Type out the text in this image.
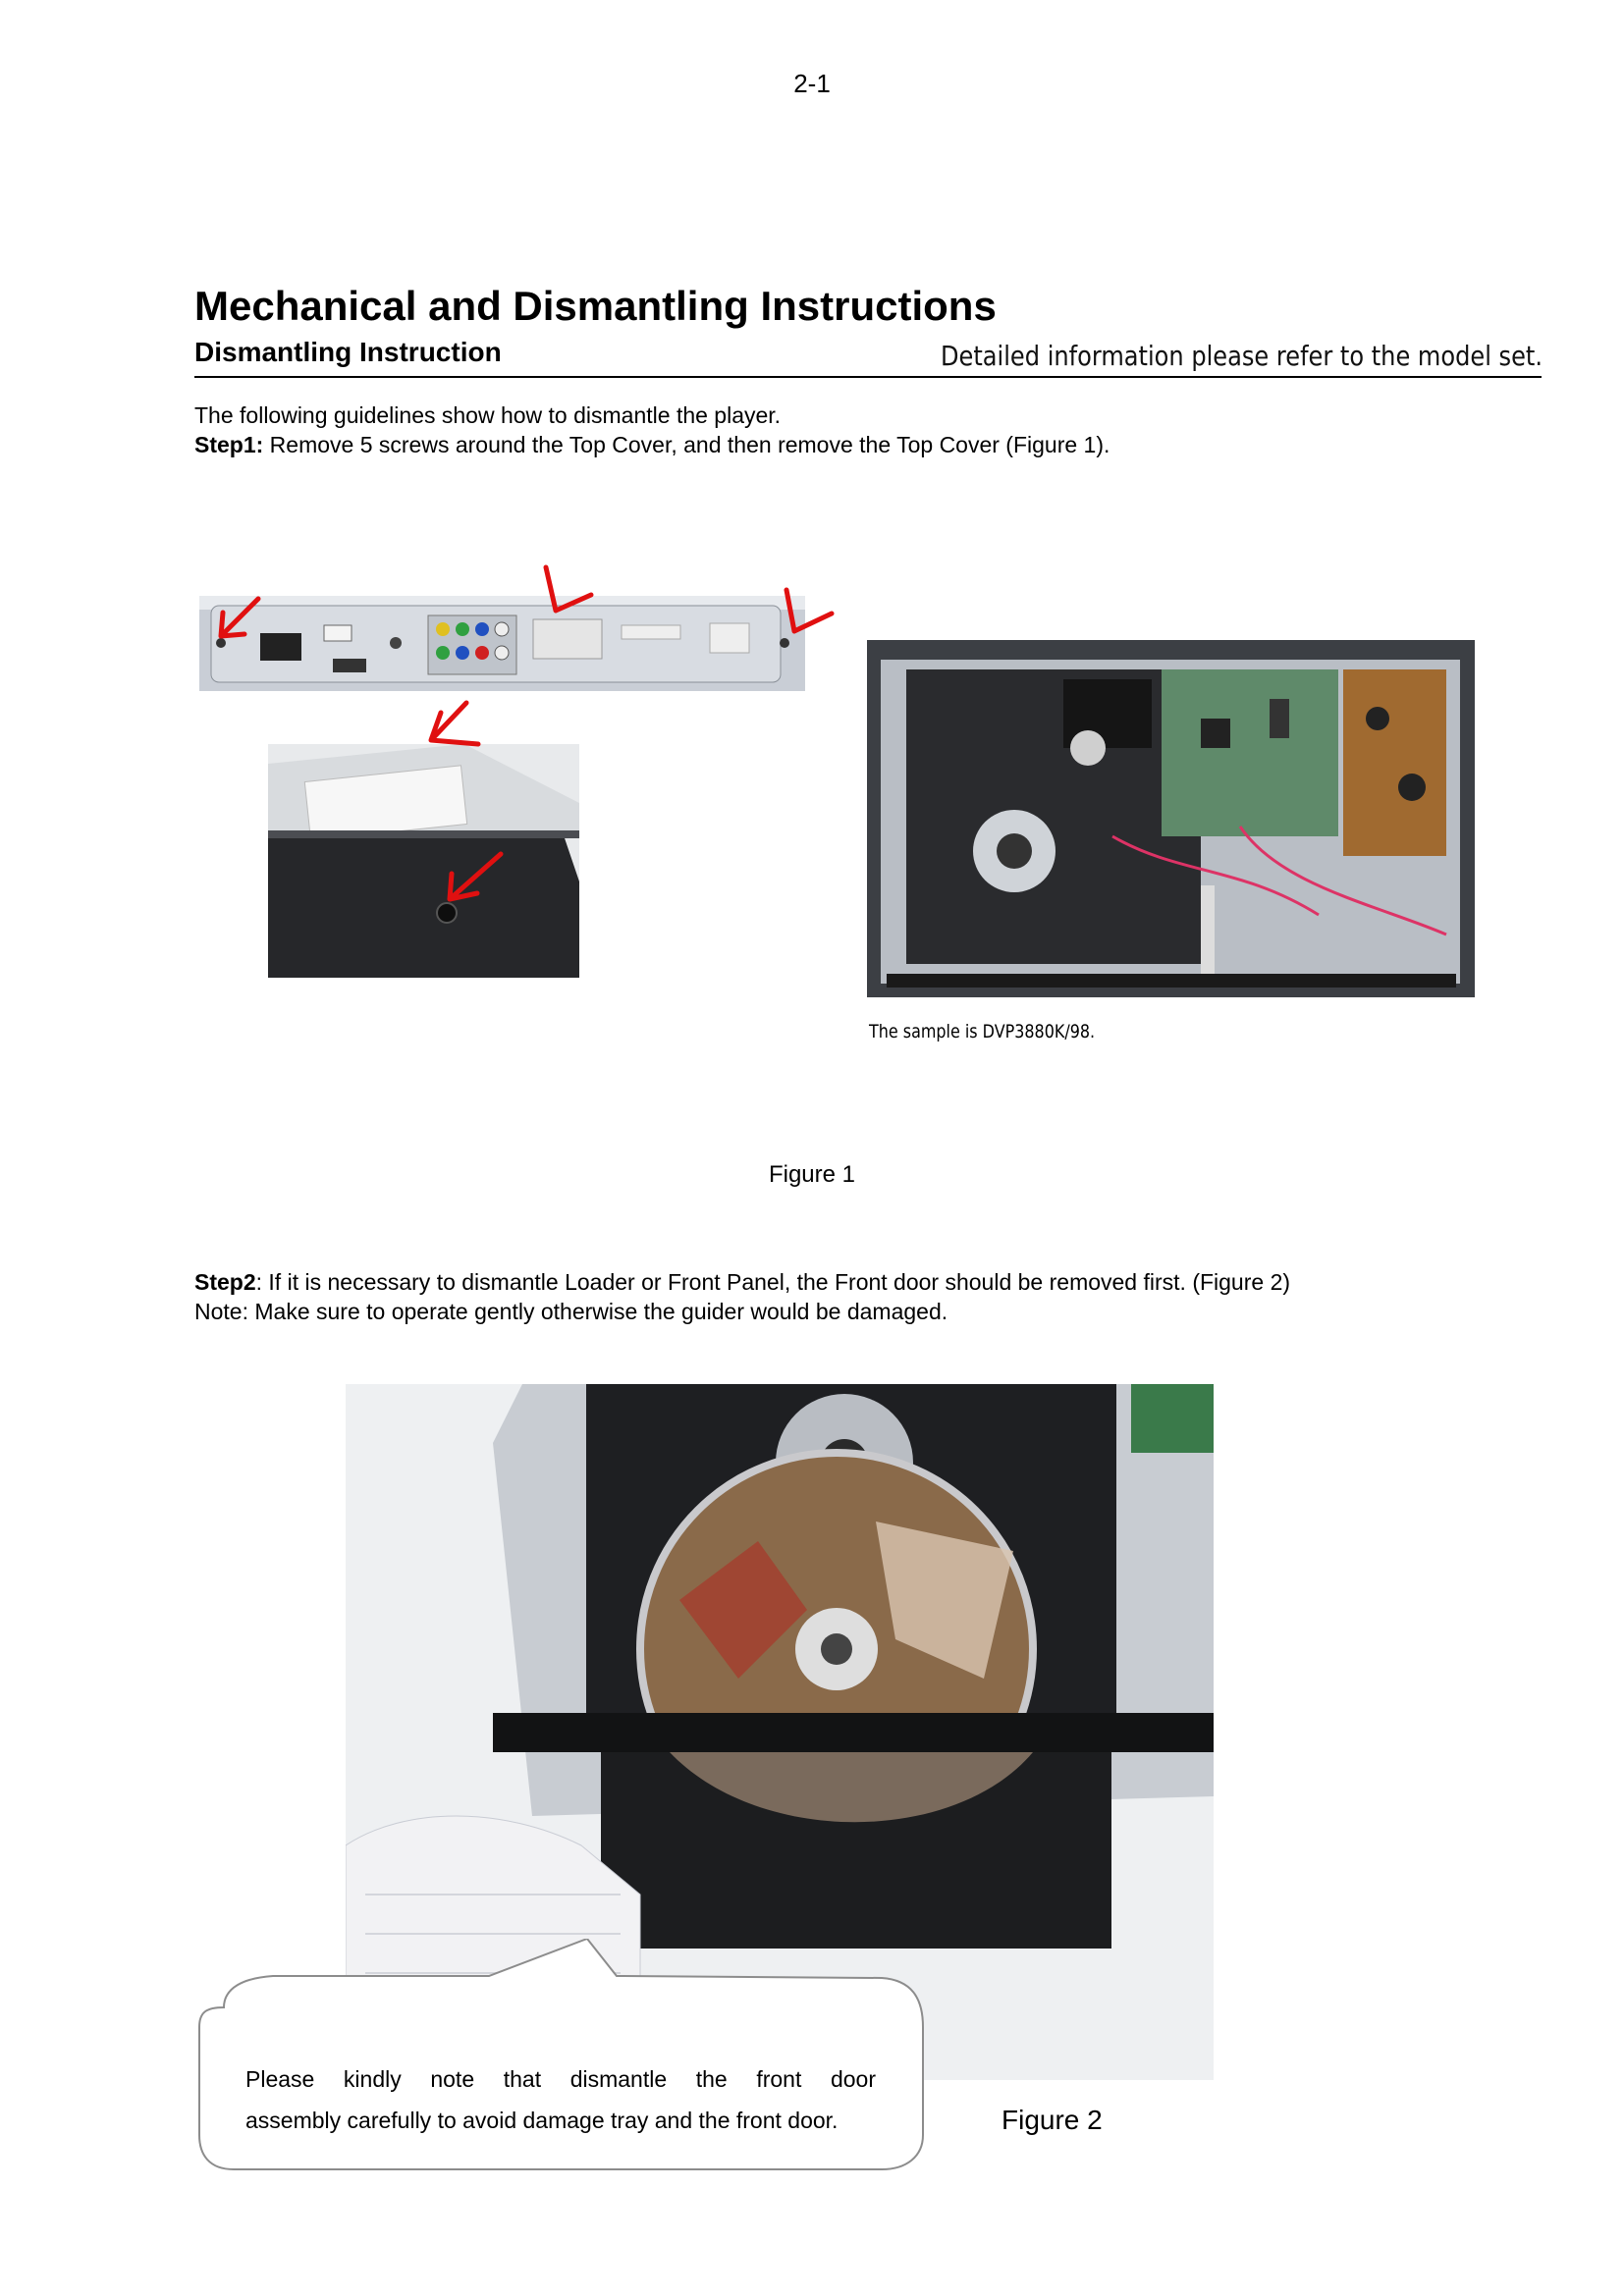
2-1
Mechanical and Dismantling Instructions
Dismantling Instruction	Detailed information please refer to the model set.
The following guidelines show how to dismantle the player.
Step1: Remove 5 screws around the Top Cover, and then remove the Top Cover (Figure 1).
The sample is DVP3880K/98.
Figure 1
Step2: If it is necessary to dismantle Loader or Front Panel, the Front door should be removed first. (Figure 2)
Note: Make sure to operate gently otherwise the guider would be damaged.
Please kindly note that dismantle the front door
assembly carefully to avoid damage tray and the front door.	Figure 2
